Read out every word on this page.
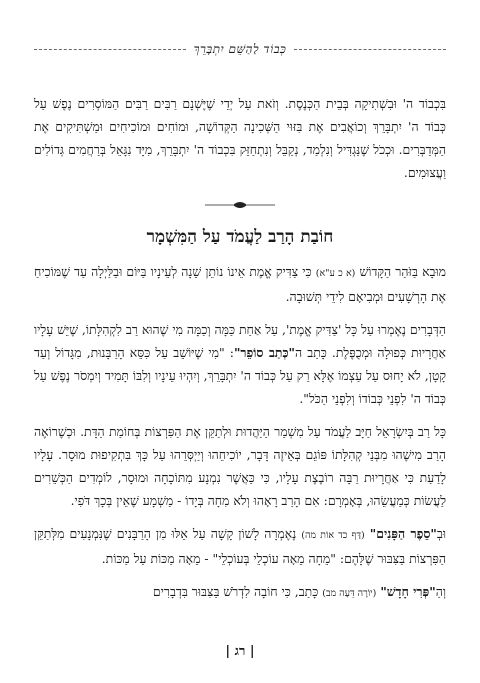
כְּבוֹד לַהַשֵּׁם יִתְבָּרֵךְ

בִּכְבוֹד ה' וּבִשְׁתִיקָה בְּבֵית הַכְּנֶסֶת. וְזֹאת עַל יְדֵי שֶׁיֶּשְׁנָם רַבִּים רַבִּים הַמּוֹסְרִים נֶפֶשׁ עַל כְּבוֹד ה' יִתְבָּרֵךְ וְכוֹאֲבִים אֶת בִּזּוּי הַשְּׁכִינָה הַקְּדוֹשָׁה, וּמוֹחִים וּמוֹכִיחִים וּמַשְׁתִּיקִים אֶת הַמְּדַבְּרִים. וּכְכֹל שֶׁנַּגְדִּיל וְנִלְמַד, נְקַבֵּל וְנִתְחַזֵּק בִּכְבוֹד ה' יִתְבָּרֵךְ, מִיָּד נִגָּאֵל בְּרַחֲמִים גְּדוֹלִים וַעֲצוּמִים.

חוֹבַת הָרַב לַעֲמֹד עַל הַמִּשְׁמָר

מוּבָא בַּזֹּהַר הַקָּדוֹשׁ (א כ ע"א) כִּי צַדִּיק אֱמֶת אֵינוֹ נוֹתֵן שֵׁנָה לְעֵינָיו בַּיּוֹם וּבַלַּיְלָה עַד שֶׁמּוֹכִיחַ אֶת הָרְשָׁעִים וּמְבִיאָם לִידֵי תְּשׁוּבָה.

הַדְּבָרִים נֶאֶמְרוּ עַל כָּל 'צַדִּיק אֱמֶת', עַל אַחַת כַּמָּה וְכַמָּה מִי שֶׁהוּא רַב לִקְהִלָּתוֹ, שֶׁיֵּשׁ עָלָיו אַחֲרָיוּת כְּפוּלָה וּמְכֻפֶּלֶת. כָּתַב ה"כְּתַב סוֹפֵר": "מִי שֶׁיּוֹשֵׁב עַל כִּסֵּא הָרַבָּנוּת, מִגָּדוֹל וְעַד קָטָן, לֹא יָחוּס עַל עַצְמוֹ אֶלָּא רַק עַל כְּבוֹד ה' יִתְבָּרֵךְ, וְיִהְיוּ עֵינָיו וְלִבּוֹ תָּמִיד וְיִמְסֹר נֶפֶשׁ עַל כְּבוֹד ה' לִפְנֵי כְּבוֹדוֹ וְלִפְנֵי הַכֹּל".

כָּל רַב בְּיִשְׂרָאֵל חַיָּב לַעֲמֹד עַל מִשְׁמַר הַיַּהֲדוּת וּלְתַקֵּן אֶת הַפִּרְצוֹת בְּחוֹמַת הַדָּת. וּכְשֶׁרוֹאֶה הָרַב מִישֶׁהוּ מִבְּנֵי קְהִלָּתוֹ פּוֹגֵם בְּאֵיזֶה דָּבָר, יוֹכִיחֵהוּ וְיַיְסְּרֵהוּ עַל כָּךְ בִּתְקִיפוּת מוּסָר. עָלָיו לָדַעַת כִּי אַחֲרָיוּת רַבָּה רוֹבֶצֶת עָלָיו, כִּי כַּאֲשֶׁר נִמְנָע מִתּוֹכָחָה וּמוּסָר, לוֹמְדִים הַכְּשֵׁרִים לַעֲשׂוֹת כְּמַעֲשֵׂהוּ, בְּאָמְרָם: אִם הָרַב רָאָהוּ וְלֹא מִחָה בְּיָדוֹ - מַשְׁמָע שֶׁאֵין בְּכָךְ דֹּפִי.

וּבְ"סֵפֶר הַפָּנִים" (דַּף כד אוֹת מה) נֶאֶמְרָה לָשׁוֹן קָשָׁה עַל אֵלּוּ מִן הָרַבָּנִים שֶׁנִּמְנָעִים מִלְּתַקֵּן הַפִּרְצוֹת בַּצִּבּוּר שֶׁלָּהֶם: "מֵחָה מֵאָה עוֹכְלֵי בְּעוֹכְלֵי" - מֵאָה מַכּוֹת עַל מַכּוֹת.

וְהַ"פְּרִי חָדָשׁ" (יוֹרֶה דֵּעָה מב) כָּתַב, כִּי חוֹבָה לִדְרֹשׁ בַּצִּבּוּר בִּדְבָרִים

| רג |
